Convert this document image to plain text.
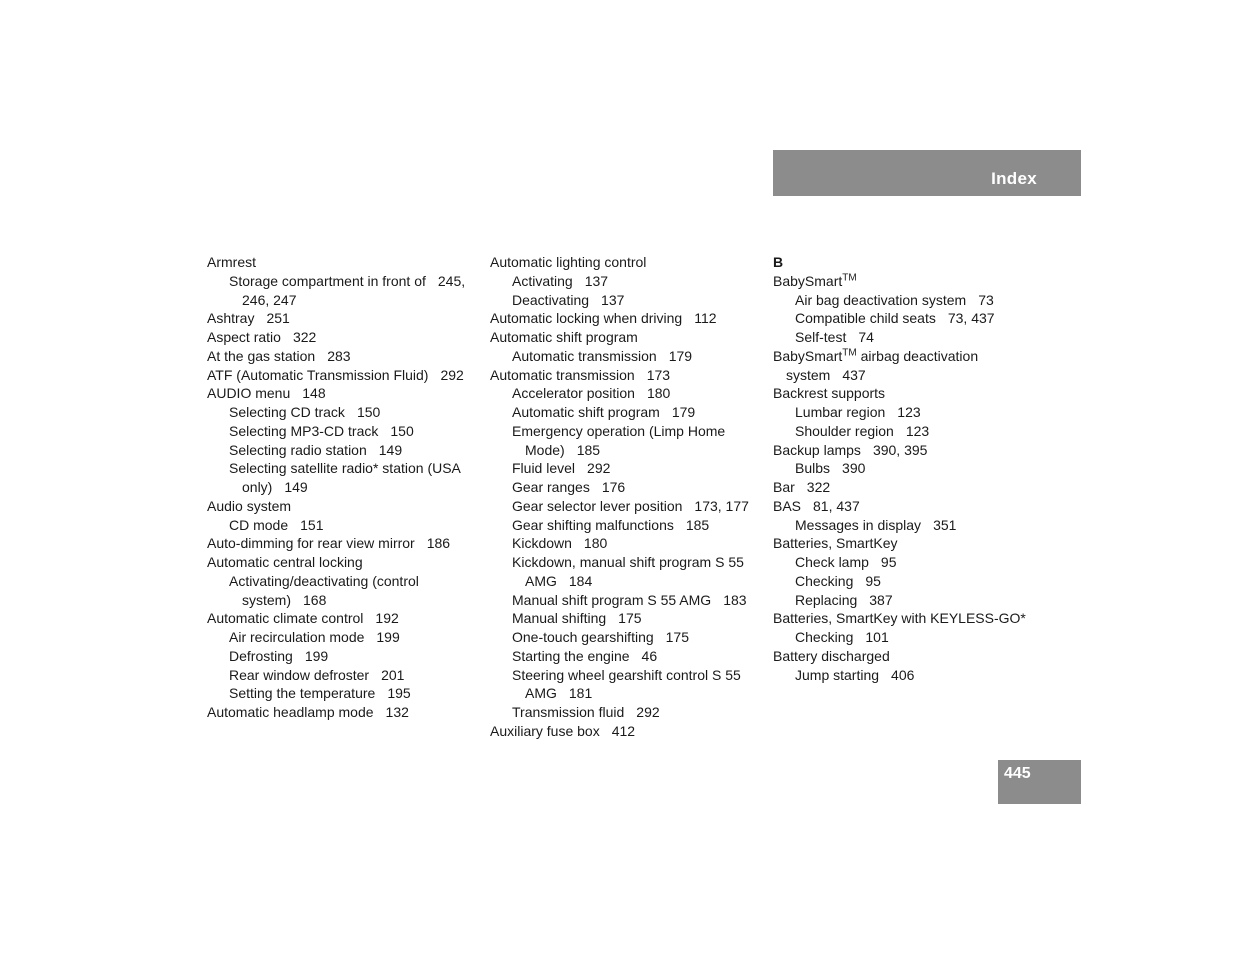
Index
Armrest
Storage compartment in front of 245,
246, 247
Ashtray 251
Aspect ratio 322
At the gas station 283
ATF (Automatic Transmission Fluid) 292
AUDIO menu 148
Selecting CD track 150
Selecting MP3-CD track 150
Selecting radio station 149
Selecting satellite radio* station (USA
only) 149
Audio system
CD mode 151
Auto-dimming for rear view mirror 186
Automatic central locking
Activating/deactivating (control
system) 168
Automatic climate control 192
Air recirculation mode 199
Defrosting 199
Rear window defroster 201
Setting the temperature 195
Automatic headlamp mode 132
Automatic lighting control
Activating 137
Deactivating 137
Automatic locking when driving 112
Automatic shift program
Automatic transmission 179
Automatic transmission 173
Accelerator position 180
Automatic shift program 179
Emergency operation (Limp Home
Mode) 185
Fluid level 292
Gear ranges 176
Gear selector lever position 173, 177
Gear shifting malfunctions 185
Kickdown 180
Kickdown, manual shift program S 55
AMG 184
Manual shift program S 55 AMG 183
Manual shifting 175
One-touch gearshifting 175
Starting the engine 46
Steering wheel gearshift control S 55
AMG 181
Transmission fluid 292
Auxiliary fuse box 412
B
BabySmart™
Air bag deactivation system 73
Compatible child seats 73, 437
Self-test 74
BabySmart™ airbag deactivation
system 437
Backrest supports
Lumbar region 123
Shoulder region 123
Backup lamps 390, 395
Bulbs 390
Bar 322
BAS 81, 437
Messages in display 351
Batteries, SmartKey
Check lamp 95
Checking 95
Replacing 387
Batteries, SmartKey with KEYLESS-GO*
Checking 101
Battery discharged
Jump starting 406
445
